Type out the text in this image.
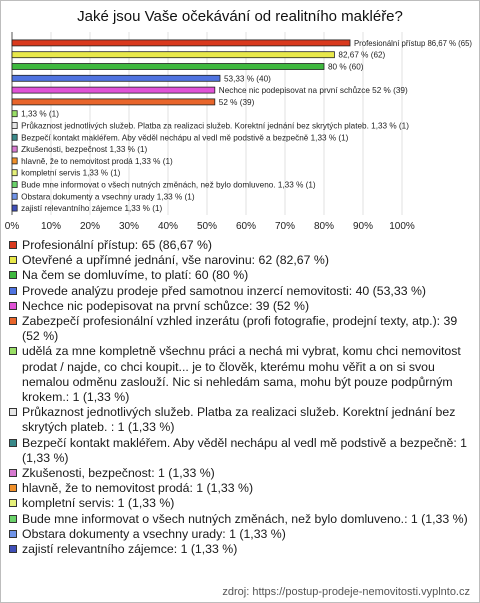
Jaké jsou Vaše očekávání od realitního makléře?
0% 10% 20% 30% 40% 50% 60% 70% 80% 90% 100%
Profesionální přístup 86,67 % (65)
82,67 % (62)
80 % (60)
53,33 % (40)
Nechce nic podepisovat na první schůzce 52 % (39)
52 % (39)
1,33 % (1)
Průkaznost jednotlivých služeb. Platba za realizaci služeb. Korektní jednání bez skrytých plateb. 1,33 % (1)
Bezpečí kontakt makléřem. Aby věděl nechápu al vedl mě podstivě a bezpečně 1,33 % (1)
Zkušenosti, bezpečnost 1,33 % (1)
hlavně, že to nemovitost prodá 1,33 % (1)
kompletní servis 1,33 % (1)
Bude mne informovat o všech nutných změnách, než bylo domluveno. 1,33 % (1)
Obstara dokumenty a vsechny urady 1,33 % (1)
zajistí relevantního zájemce 1,33 % (1)
Profesionální přístup: 65 (86,67 %)
Otevřené a upřímné jednání, vše narovinu: 62 (82,67 %)
Na čem se domluvíme, to platí: 60 (80 %)
Provede analýzu prodeje před samotnou inzercí nemovitosti: 40 (53,33 %)
Nechce nic podepisovat na první schůzce: 39 (52 %)
Zabezpečí profesionální vzhled inzerátu (profi fotografie, prodejní texty, atp.): 39 (52 %)
udělá za mne kompletně všechnu práci a nechá mi vybrat, komu chci nemovitost prodat / najde, co chci koupit... je to člověk, kterému mohu věřit a on si svou nemalou odměnu zaslouží. Nic si nehledám sama, mohu být pouze podpůrným krokem.: 1 (1,33 %)
Průkaznost jednotlivých služeb. Platba za realizaci služeb. Korektní jednání bez skrytých plateb. : 1 (1,33 %)
Bezpečí kontakt makléřem. Aby věděl nechápu al vedl mě podstivě a bezpečně: 1 (1,33 %)
Zkušenosti, bezpečnost: 1 (1,33 %)
hlavně, že to nemovitost prodá: 1 (1,33 %)
kompletní servis: 1 (1,33 %)
Bude mne informovat o všech nutných změnách, než bylo domluveno.: 1 (1,33 %)
Obstara dokumenty a vsechny urady: 1 (1,33 %)
zajistí relevantního zájemce: 1 (1,33 %)
zdroj: https://postup-prodeje-nemovitosti.vyplnto.cz
